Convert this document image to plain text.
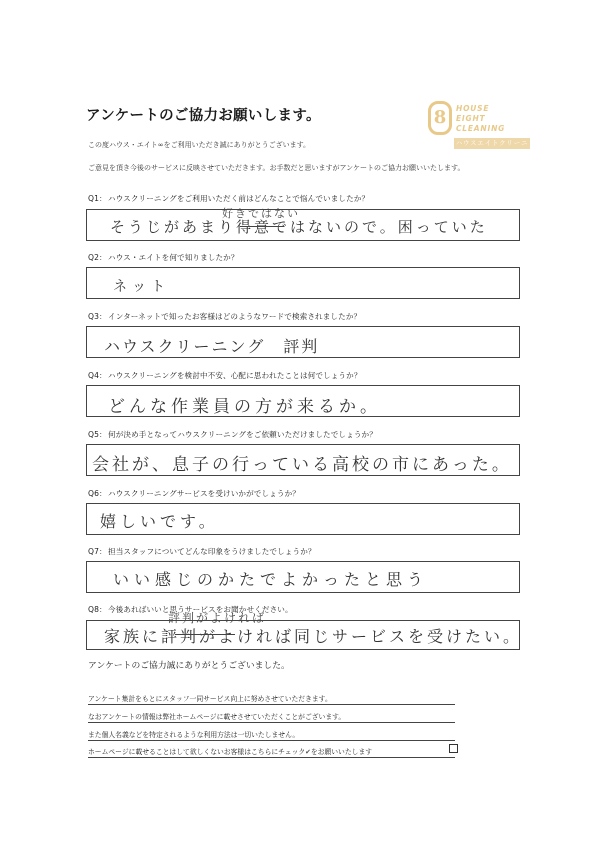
アンケートのご協力お願いします。	8	HOUSE
EIGHT
CLEANING
ハウスエイトクリーニング
この度ハウス・エイト∞をご利用いただき誠にありがとうございます。
ご意見を頂き今後のサービスに反映させていただきます。お手数だと思いますがアンケートのご協力お願いいたします。
Q1：ハウスクリーニングをご利用いただく前はどんなことで悩んでいましたか？
好きではない
そうじがあまり得意ではないので。困っていた
Q2：ハウス・エイトを何で知りましたか？
ネット
Q3：インターネットで知ったお客様はどのようなワードで検索されましたか？
ハウスクリーニング　評判
Q4：ハウスクリーニングを検討中不安、心配に思われたことは何でしょうか？
どんな作業員の方が来るか。
Q5：何が決め手となってハウスクリーニングをご依頼いただけましたでしょうか？
会社が、息子の行っている高校の市にあった。
Q6：ハウスクリーニングサービスを受けいかがでしょうか？
嬉しいです。
Q7：担当スタッフについてどんな印象をうけましたでしょうか？
いい感じのかたでよかったと思う
Q8：今後あればいいと思うサービスをお聞かせください。
評判がよければ
家族に評判がよければ同じサービスを受けたい。
アンケートのご協力誠にありがとうございました。
アンケート集計をもとにスタッフ一同サービス向上に努めさせていただきます。
なおアンケートの情報は弊社ホームページに載せさせていただくことがございます。
また個人名義などを特定されるような利用方法は一切いたしません。
ホームページに載せることはして欲しくないお客様はこちらにチェック✔をお願いいたします
